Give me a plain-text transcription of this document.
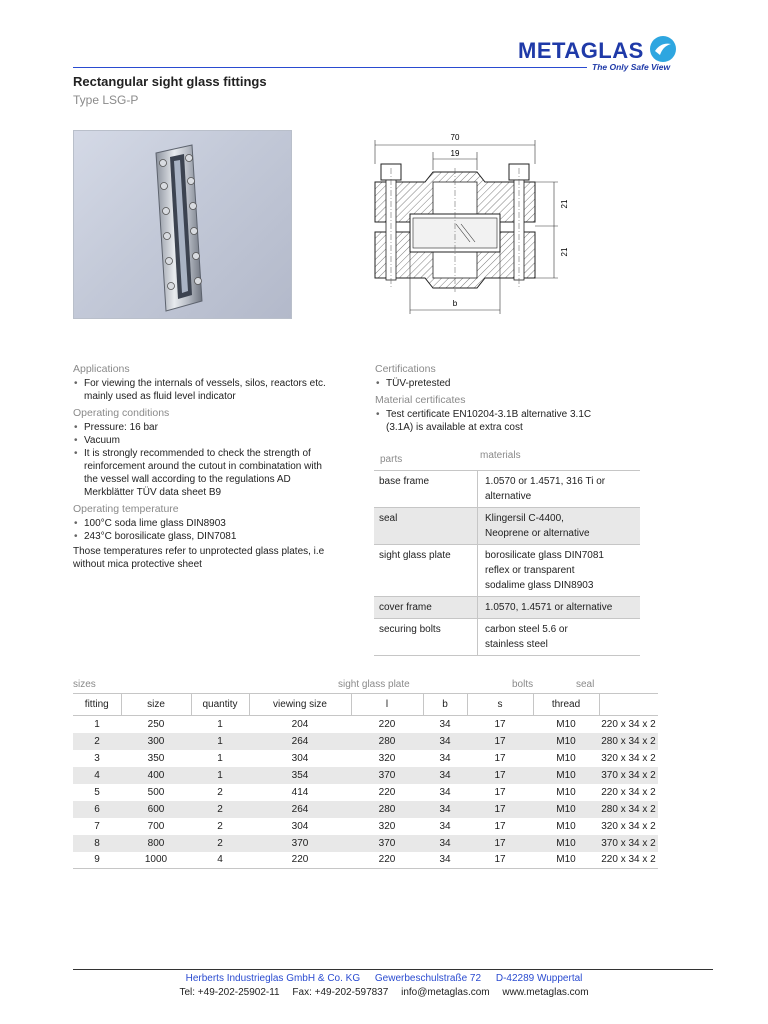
METAGLAS
The Only Safe View
Rectangular sight glass fittings
Type LSG-P
70
19
21
21
b
Applications
• For viewing the internals of vessels, silos, reactors etc. mainly used as fluid level indicator
Operating conditions
• Pressure: 16 bar
• Vacuum
• It is strongly recommended to check the strength of reinforcement around the cutout in combinatation with the vessel wall according to the regulations AD Merkblätter TÜV data sheet B9
Operating temperature
• 100°C soda lime glass DIN8903
• 243°C borosilicate glass, DIN7081
Those temperatures refer to unprotected glass plates, i.e without mica protective sheet
Certifications
• TÜV-pretested
Material certificates
• Test certificate EN10204-3.1B alternative 3.1C (3.1A) is available at extra cost
parts	materials
base frame	1.0570 or 1.4571, 316 Ti or
alternative
seal	Klingersil C-4400,
Neoprene or alternative
sight glass plate	borosilicate glass DIN7081
reflex or transparent
sodalime glass DIN8903
cover frame	1.0570, 1.4571 or alternative
securing bolts	carbon steel 5.6 or
stainless steel
sizes	sight glass plate	bolts	seal
fitting	size	quantity	viewing size	l	b	s	thread	
1	250	1	204	220	34	17	M10	220 x 34 x 2
2	300	1	264	280	34	17	M10	280 x 34 x 2
3	350	1	304	320	34	17	M10	320 x 34 x 2
4	400	1	354	370	34	17	M10	370 x 34 x 2
5	500	2	414	220	34	17	M10	220 x 34 x 2
6	600	2	264	280	34	17	M10	280 x 34 x 2
7	700	2	304	320	34	17	M10	320 x 34 x 2
8	800	2	370	370	34	17	M10	370 x 34 x 2
9	1000	4	220	220	34	17	M10	220 x 34 x 2
Herberts Industrieglas GmbH & Co. KG Gewerbeschulstraße 72 D-42289 Wuppertal
Tel: +49-202-25902-11 Fax: +49-202-597837 info@metaglas.com www.metaglas.com
